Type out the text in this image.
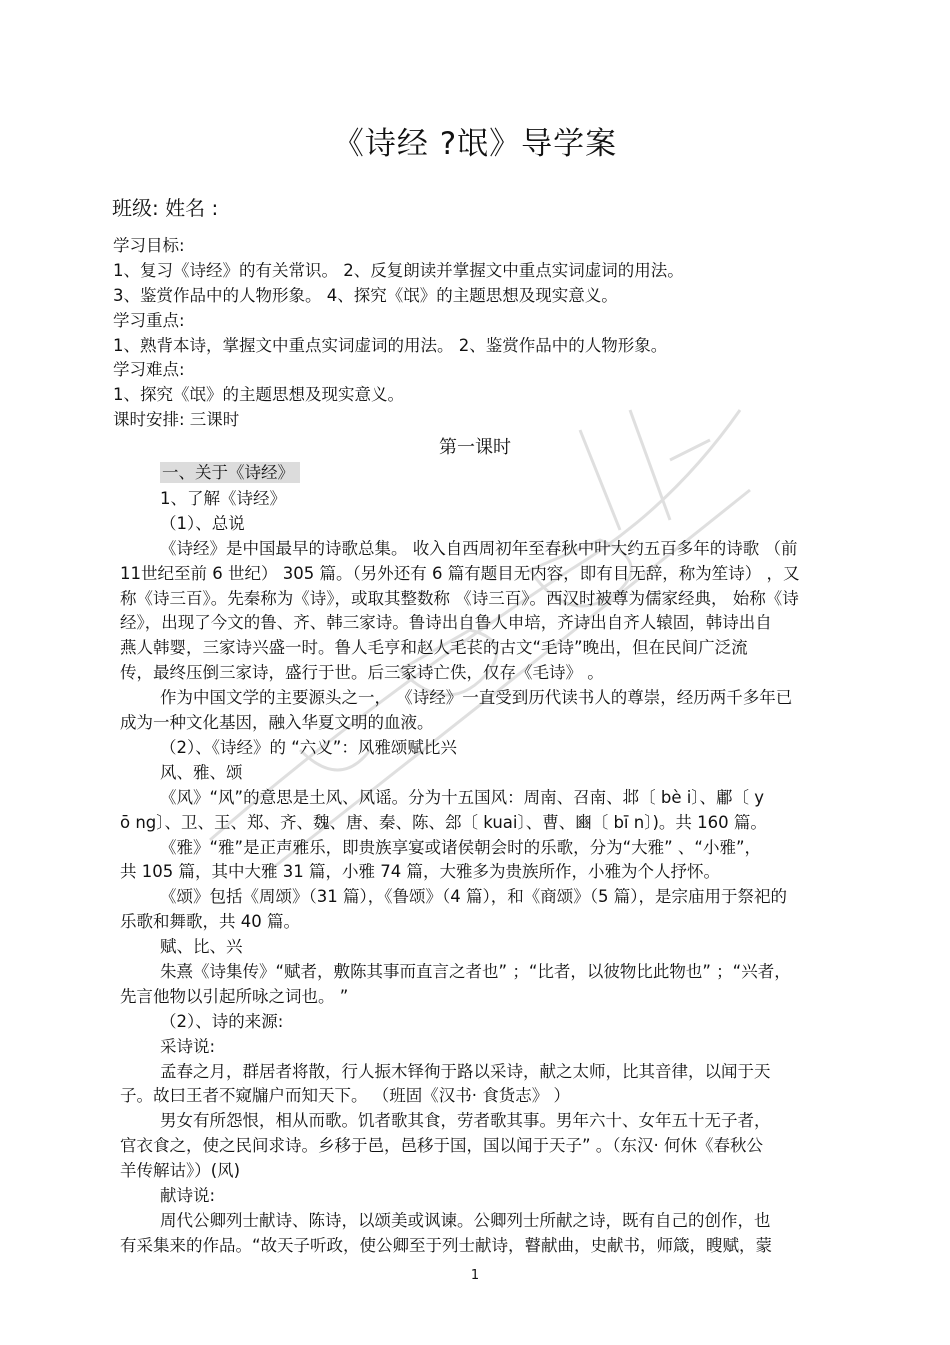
《诗经 ?氓》导学案
班级: 姓名 :
学习目标:
1、复习《诗经》的有关常识。 2、反复朗读并掌握文中重点实词虚词的用法。
3、鉴赏作品中的人物形象。 4、探究《氓》的主题思想及现实意义。
学习重点:
1、熟背本诗，掌握文中重点实词虚词的用法。 2、鉴赏作品中的人物形象。
学习难点:
1、探究《氓》的主题思想及现实意义。
课时安排: 三课时
第一课时
一、关于《诗经》
1、了解《诗经》
（1）、总说
《诗经》是中国最早的诗歌总集。 收入自西周初年至春秋中叶大约五百多年的诗歌 （前
11世纪至前 6 世纪） 305 篇。（另外还有 6 篇有题目无内容，即有目无辞，称为笙诗） ，又
称《诗三百》。先秦称为《诗》，或取其整数称 《诗三百》。西汉时被尊为儒家经典， 始称《诗
经》，出现了今文的鲁、齐、韩三家诗。鲁诗出自鲁人申培，齐诗出自齐人辕固，韩诗出自
燕人韩婴，三家诗兴盛一时。鲁人毛亨和赵人毛苌的古文“毛诗”晚出，但在民间广泛流
传，最终压倒三家诗，盛行于世。后三家诗亡佚，仅存《毛诗》 。
作为中国文学的主要源头之一， 《诗经》一直受到历代读书人的尊崇，经历两千多年已
成为一种文化基因，融入华夏文明的血液。
（2）、《诗经》的 “六义”：风雅颂赋比兴
风、雅、颂
《风》“风”的意思是土风、风谣。分为十五国风：周南、召南、邶〔 bè i〕、鄘〔 y
ō ng〕、卫、王、郑、齐、魏、唐、秦、陈、郐〔 kuai〕、曹、豳〔 bī n〕)。共 160 篇。
《雅》“雅”是正声雅乐，即贵族享宴或诸侯朝会时的乐歌，分为“大雅” 、“小雅”，
共 105 篇，其中大雅 31 篇，小雅 74 篇，大雅多为贵族所作，小雅为个人抒怀。
《颂》包括《周颂》（31 篇），《鲁颂》（4 篇），和《商颂》（5 篇），是宗庙用于祭祀的
乐歌和舞歌，共 40 篇。
赋、比、兴
朱熹《诗集传》“赋者，敷陈其事而直言之者也” ；“比者，以彼物比此物也” ；“兴者，
先言他物以引起所咏之词也。 ”
（2）、诗的来源:
采诗说:
孟春之月，群居者将散，行人振木铎徇于路以采诗，献之太师，比其音律，以闻于天
子。故曰王者不窥牖户而知天下。 （班固《汉书· 食货志》 ）
男女有所怨恨，相从而歌。饥者歌其食，劳者歌其事。男年六十、女年五十无子者，
官衣食之，使之民间求诗。乡移于邑，邑移于国，国以闻于天子” 。（东汉· 何休《春秋公
羊传解诂》）(风)
献诗说:
周代公卿列士献诗、陈诗，以颂美或讽谏。公卿列士所献之诗，既有自己的创作，也
有采集来的作品。“故天子听政，使公卿至于列士献诗，瞽献曲，史献书，师箴，瞍赋，蒙
1
